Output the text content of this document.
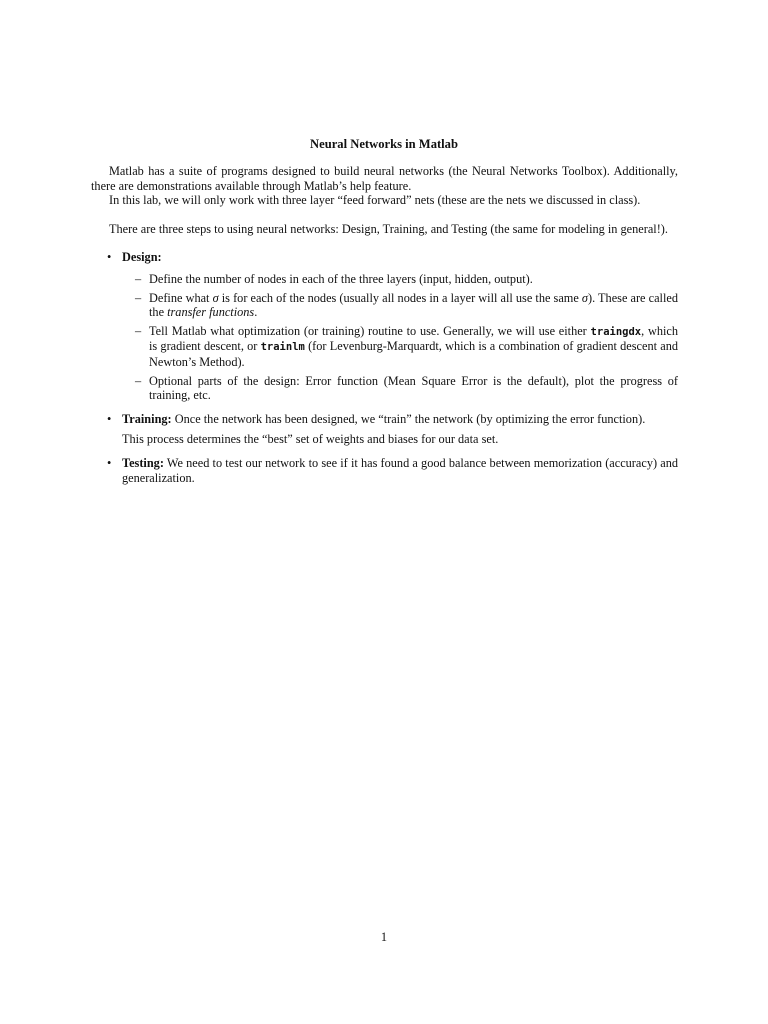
Neural Networks in Matlab

Matlab has a suite of programs designed to build neural networks (the Neural Networks Toolbox). Additionally, there are demonstrations available through Matlab’s help feature.

In this lab, we will only work with three layer “feed forward” nets (these are the nets we discussed in class).

There are three steps to using neural networks: Design, Training, and Testing (the same for modeling in general!).

• Design:

– Define the number of nodes in each of the three layers (input, hidden, output).
– Define what σ is for each of the nodes (usually all nodes in a layer will all use the same σ). These are called the transfer functions.
– Tell Matlab what optimization (or training) routine to use. Generally, we will use either traingdx, which is gradient descent, or trainlm (for Levenburg-Marquardt, which is a combination of gradient descent and Newton’s Method).
– Optional parts of the design: Error function (Mean Square Error is the default), plot the progress of training, etc.
• Training: Once the network has been designed, we “train” the network (by optimizing the error function).

This process determines the “best” set of weights and biases for our data set.

• Testing: We need to test our network to see if it has found a good balance between memorization (accuracy) and generalization.

1
